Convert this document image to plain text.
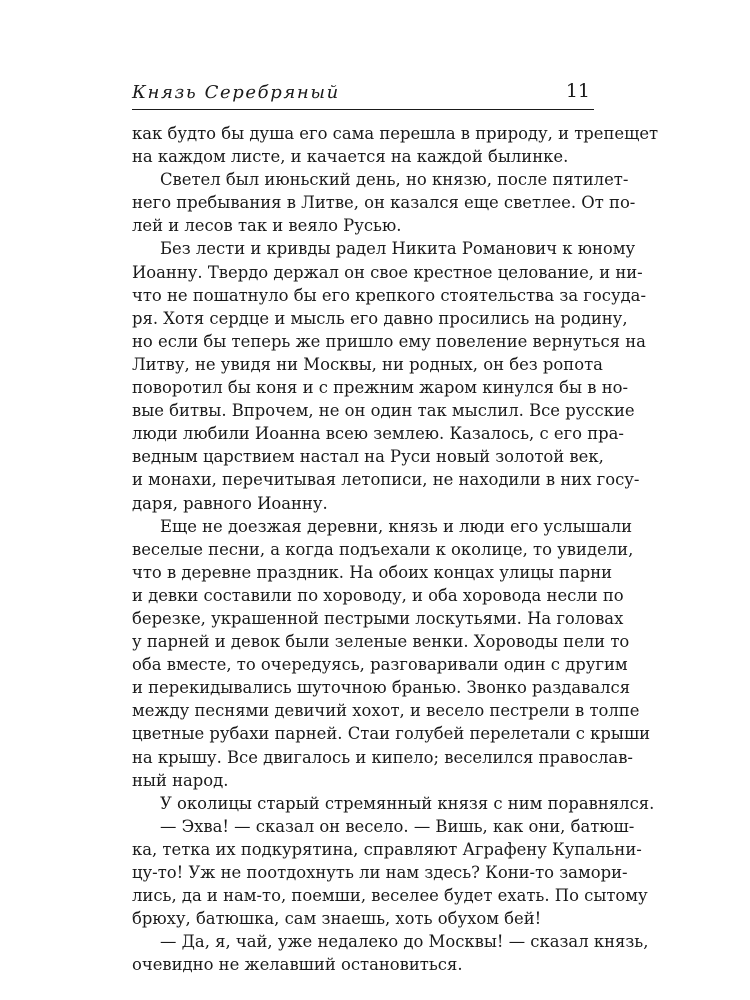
Князь Серебряный	11
как будто бы душа его сама перешла в природу, и трепещет
на каждом листе, и качается на каждой былинке.
Светел был июньский день, но князю, после пятилет-
него пребывания в Литве, он казался еще светлее. От по-
лей и лесов так и веяло Русью.
Без лести и кривды радел Никита Романович к юному
Иоанну. Твердо держал он свое крестное целование, и ни-
что не пошатнуло бы его крепкого стоятельства за госуда-
ря. Хотя сердце и мысль его давно просились на родину,
но если бы теперь же пришло ему повеление вернуться на
Литву, не увидя ни Москвы, ни родных, он без ропота
поворотил бы коня и с прежним жаром кинулся бы в но-
вые битвы. Впрочем, не он один так мыслил. Все русские
люди любили Иоанна всею землею. Казалось, с его пра-
ведным царствием настал на Руси новый золотой век,
и монахи, перечитывая летописи, не находили в них госу-
даря, равного Иоанну.
Еще не доезжая деревни, князь и люди его услышали
веселые песни, а когда подъехали к околице, то увидели,
что в деревне праздник. На обоих концах улицы парни
и девки составили по хороводу, и оба хоровода несли по
березке, украшенной пестрыми лоскутьями. На головах
у парней и девок были зеленые венки. Хороводы пели то
оба вместе, то очередуясь, разговаривали один с другим
и перекидывались шуточною бранью. Звонко раздавался
между песнями девичий хохот, и весело пестрели в толпе
цветные рубахи парней. Стаи голубей перелетали с крыши
на крышу. Все двигалось и кипело; веселился православ-
ный народ.
У околицы старый стремянный князя с ним поравнялся.
— Эхва! — сказал он весело. — Вишь, как они, батюш-
ка, тетка их подкурятина, справляют Аграфену Купальни-
цу-то! Уж не поотдохнуть ли нам здесь? Кони-то замори-
лись, да и нам-то, поемши, веселее будет ехать. По сытому
брюху, батюшка, сам знаешь, хоть обухом бей!
— Да, я, чай, уже недалеко до Москвы! — сказал князь,
очевидно не желавший остановиться.
